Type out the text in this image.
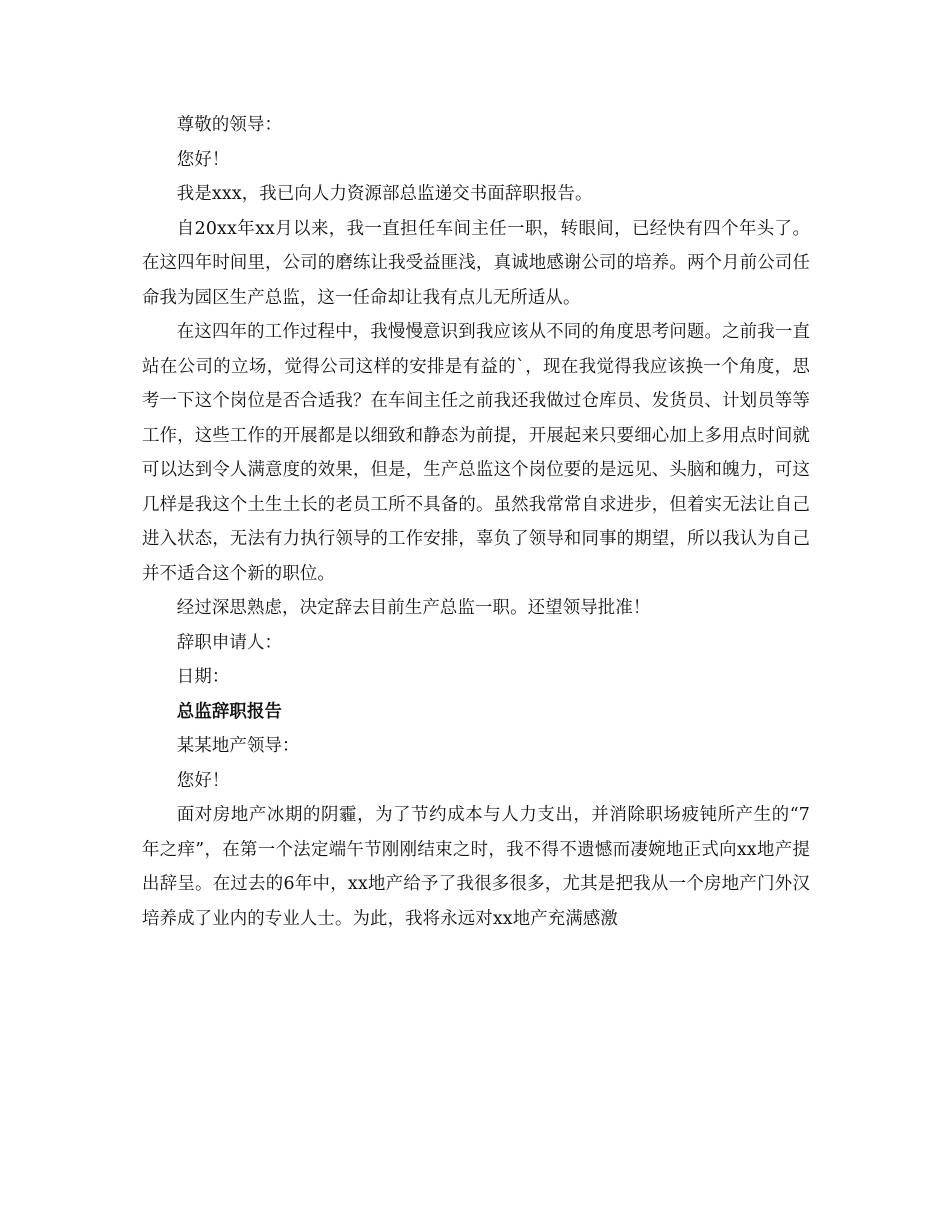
尊敬的领导：

您好！

我是xxx，我已向人力资源部总监递交书面辞职报告。

自20xx年xx月以来，我一直担任车间主任一职，转眼间，已经快有四个年头了。在这四年时间里，公司的磨练让我受益匪浅，真诚地感谢公司的培养。两个月前公司任命我为园区生产总监，这一任命却让我有点儿无所适从。

在这四年的工作过程中，我慢慢意识到我应该从不同的角度思考问题。之前我一直站在公司的立场，觉得公司这样的安排是有益的`，现在我觉得我应该换一个角度，思考一下这个岗位是否合适我？在车间主任之前我还我做过仓库员、发货员、计划员等等工作，这些工作的开展都是以细致和静态为前提，开展起来只要细心加上多用点时间就可以达到令人满意度的效果，但是，生产总监这个岗位要的是远见、头脑和魄力，可这几样是我这个土生土长的老员工所不具备的。虽然我常常自求进步，但着实无法让自己进入状态，无法有力执行领导的工作安排，辜负了领导和同事的期望，所以我认为自己并不适合这个新的职位。

经过深思熟虑，决定辞去目前生产总监一职。还望领导批准！

辞职申请人：

日期：

总监辞职报告

某某地产领导：

您好！

面对房地产冰期的阴霾，为了节约成本与人力支出，并消除职场疲钝所产生的“7年之痒”，在第一个法定端午节刚刚结束之时，我不得不遗憾而凄婉地正式向xx地产提出辞呈。在过去的6年中，xx地产给予了我很多很多，尤其是把我从一个房地产门外汉培养成了业内的专业人士。为此，我将永远对xx地产充满感激
